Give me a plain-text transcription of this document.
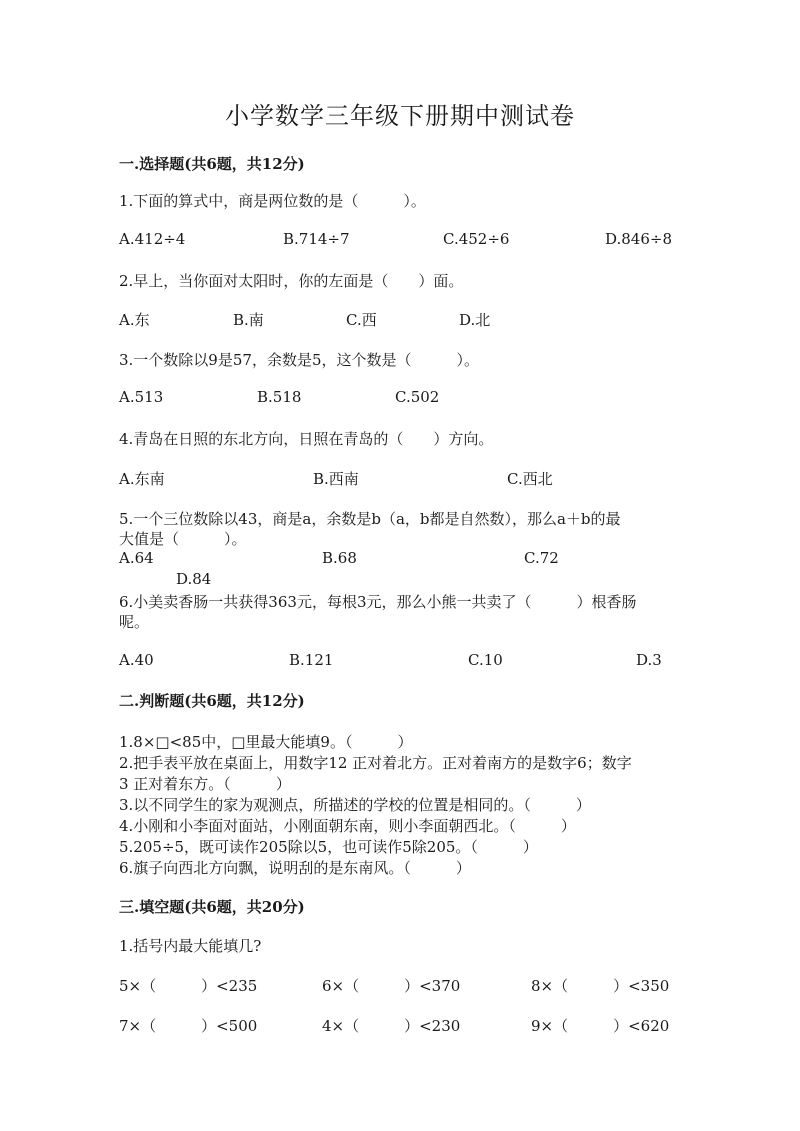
小学数学三年级下册期中测试卷
一.选择题(共6题，共12分)
1.下面的算式中，商是两位数的是（　　　）。
A.412÷4	B.714÷7	C.452÷6	D.846÷8
2.早上，当你面对太阳时，你的左面是（　　）面。
A.东	B.南	C.西	D.北
3.一个数除以9是57，余数是5，这个数是（　　　）。
A.513	B.518	C.502
4.青岛在日照的东北方向，日照在青岛的（　　）方向。
A.东南	B.西南	C.西北
5.一个三位数除以43，商是a，余数是b（a，b都是自然数），那么a＋b的最
大值是（　　　）。
A.64	B.68	C.72
D.84
6.小美卖香肠一共获得363元，每根3元，那么小熊一共卖了（　　　）根香肠
呢。
A.40	B.121	C.10	D.3
二.判断题(共6题，共12分)
1.8×□<85中，□里最大能填9。（　　　）
2.把手表平放在桌面上，用数字12 正对着北方。正对着南方的是数字6；数字
3 正对着东方。（　　　）
3.以不同学生的家为观测点，所描述的学校的位置是相同的。（　　　）
4.小刚和小李面对面站，小刚面朝东南，则小李面朝西北。（　　　）
5.205÷5，既可读作205除以5，也可读作5除205。（　　　）
6.旗子向西北方向飘，说明刮的是东南风。（　　　）
三.填空题(共6题，共20分)
1.括号内最大能填几?
5×（　　　）<235	6×（　　　）<370	8×（　　　）<350
7×（　　　）<500	4×（　　　）<230	9×（　　　）<620
